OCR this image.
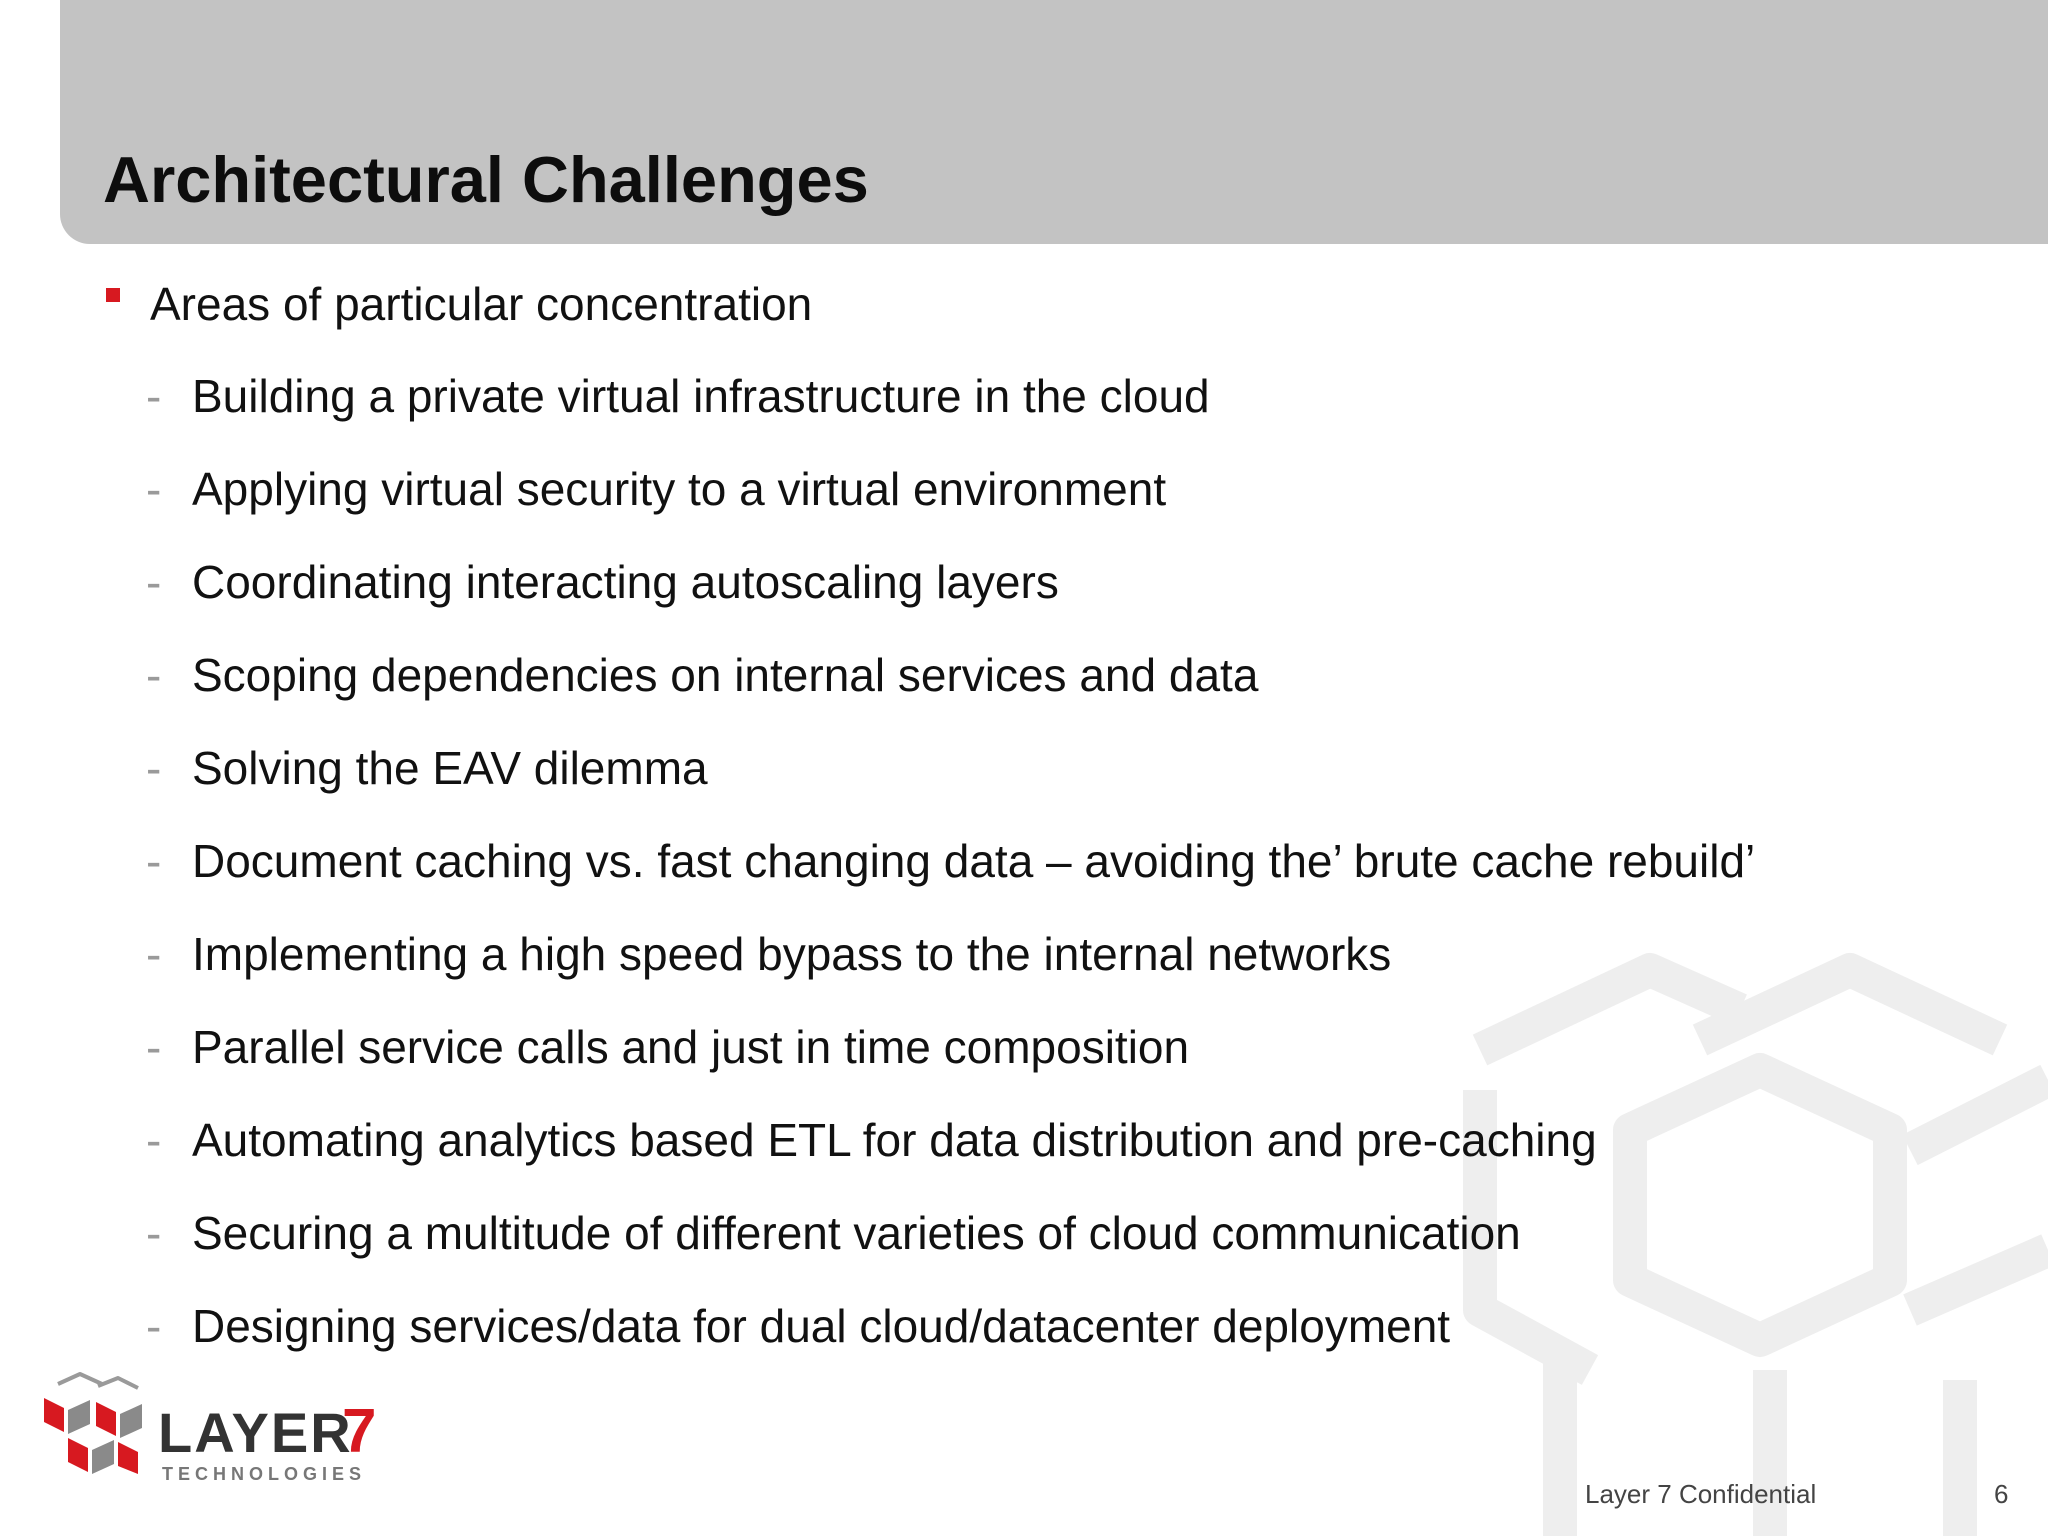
Architectural Challenges
Areas of particular concentration
- Building a private virtual infrastructure in the cloud
- Applying virtual security to a virtual environment
- Coordinating interacting autoscaling layers
- Scoping dependencies on internal services and data
- Solving the EAV dilemma
- Document caching vs. fast changing data – avoiding the’ brute cache rebuild’
- Implementing a high speed bypass to the internal networks
- Parallel service calls and just in time composition
- Automating analytics based ETL for data distribution and pre-caching
- Securing a multitude of different varieties of cloud communication
- Designing services/data for dual cloud/datacenter deployment
LAYER
7
TECHNOLOGIES
Layer 7 Confidential	6
